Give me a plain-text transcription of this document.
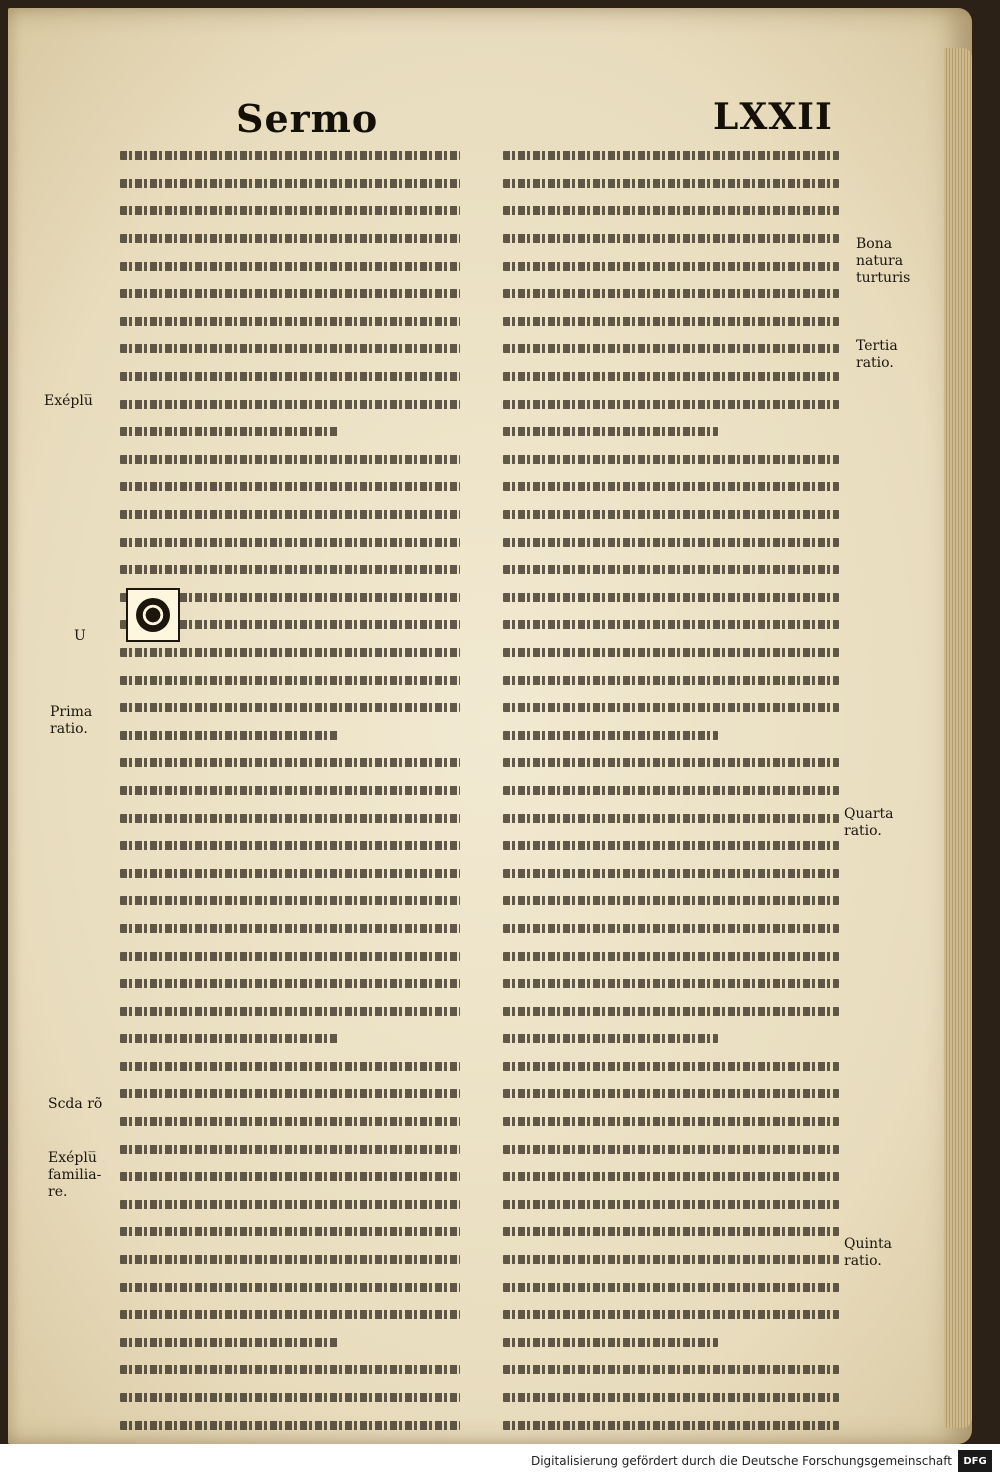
Sermo	LXXII
Exéplu̅
U
Prima
ratio.
Scda rõ
Exéplu̅
familia-
re.
Bona
natura
turturis
Tertia
ratio.
Quarta
ratio.
Quinta
ratio.
Digitalisierung gefördert durch die Deutsche Forschungsgemeinschaft	DFG
